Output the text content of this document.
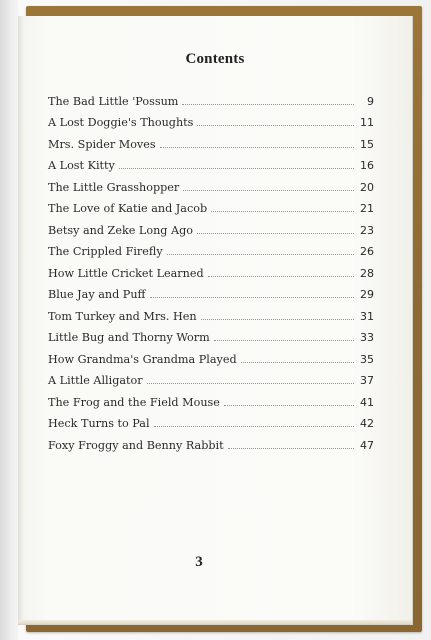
Contents
The Bad Little 'Possum	9
A Lost Doggie's Thoughts	11
Mrs. Spider Moves	15
A Lost Kitty	16
The Little Grasshopper	20
The Love of Katie and Jacob	21
Betsy and Zeke Long Ago	23
The Crippled Firefly	26
How Little Cricket Learned	28
Blue Jay and Puff	29
Tom Turkey and Mrs. Hen	31
Little Bug and Thorny Worm	33
How Grandma's Grandma Played	35
A Little Alligator	37
The Frog and the Field Mouse	41
Heck Turns to Pal	42
Foxy Froggy and Benny Rabbit	47
3
